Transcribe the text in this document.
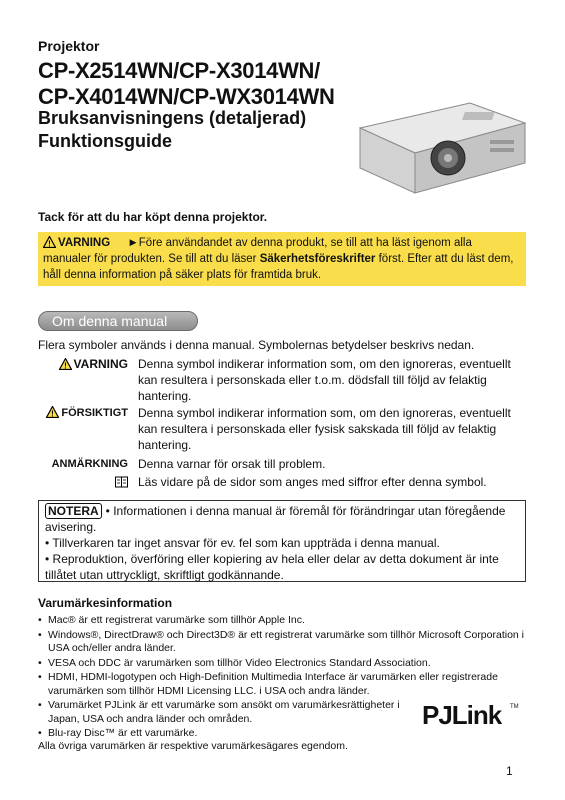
Projektor
CP-X2514WN/CP-X3014WN/
CP-X4014WN/CP-WX3014WN
Bruksanvisningens (detaljerad)
Funktionsguide
Tack för att du har köpt denna projektor.
! VARNING ►Före användandet av denna produkt, se till att ha läst igenom alla manualer för produkten. Se till att du läser Säkerhetsföreskrifter först. Efter att du läst dem, håll denna information på säker plats för framtida bruk.
Om denna manual
Flera symboler används i denna manual. Symbolernas betydelser beskrivs nedan.
! VARNING Denna symbol indikerar information som, om den ignoreras, eventuellt kan resultera i personskada eller t.o.m. dödsfall till följd av felaktig hantering.
! FÖRSIKTIGT Denna symbol indikerar information som, om den ignoreras, eventuellt kan resultera i personskada eller fysisk sakskada till följd av felaktig hantering.
ANMÄRKNING Denna varnar för orsak till problem.
Läs vidare på de sidor som anges med siffror efter denna symbol.
NOTERA • Informationen i denna manual är föremål för förändringar utan föregående avisering.
• Tillverkaren tar inget ansvar för ev. fel som kan uppträda i denna manual.
• Reproduktion, överföring eller kopiering av hela eller delar av detta dokument är inte tillåtet utan uttryckligt, skriftligt godkännande.
Varumärkesinformation
• Mac® är ett registrerat varumärke som tillhör Apple Inc.
• Windows®, DirectDraw® och Direct3D® är ett registrerat varumärke som tillhör Microsoft Corporation i USA och/eller andra länder.
• VESA och DDC är varumärken som tillhör Video Electronics Standard Association.
• HDMI, HDMI-logotypen och High-Definition Multimedia Interface är varumärken eller registrerade varumärken som tillhör HDMI Licensing LLC. i USA och andra länder.
• Varumärket PJLink är ett varumärke som ansökt om varumärkesrättigheter i Japan, USA och andra länder och områden.
• Blu-ray Disc™ är ett varumärke.
Alla övriga varumärken är respektive varumärkesägares egendom.
PJLink TM
1
